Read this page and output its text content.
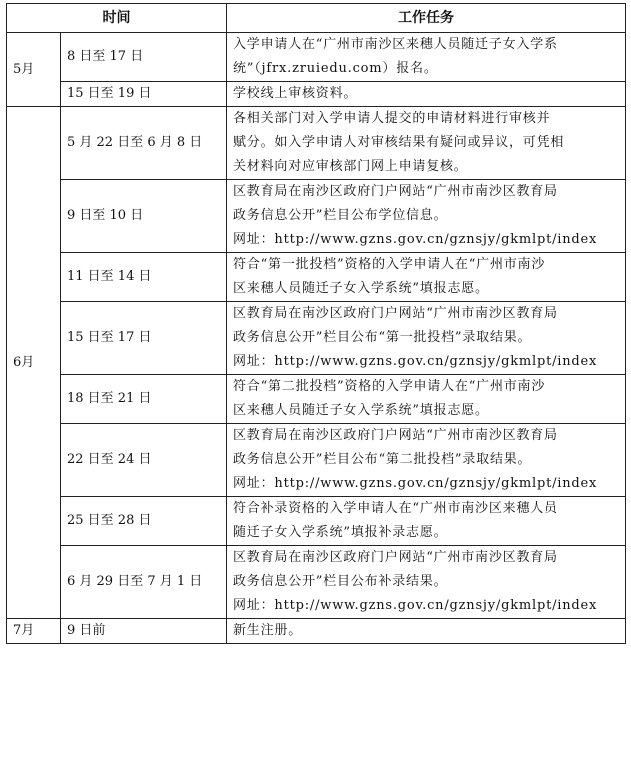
时间		工作任务
5月	8 日至 17 日	入学申请人在“广州市南沙区来穗人员随迁子女入学系
统”（jfrx.zruiedu.com）报名。

	15 日至 19 日	学校线上审核资料。

6月	5 月 22 日至 6 月 8 日	各相关部门对入学申请人提交的申请材料进行审核并
赋分。如入学申请人对审核结果有疑问或异议，可凭相
关材料向对应审核部门网上申请复核。

	9 日至 10 日	区教育局在南沙区政府门户网站“广州市南沙区教育局
政务信息公开”栏目公布学位信息。
网址：http://www.gzns.gov.cn/gznsjy/gkmlpt/index

	11 日至 14 日	符合“第一批投档”资格的入学申请人在“广州市南沙
区来穗人员随迁子女入学系统”填报志愿。

	15 日至 17 日	区教育局在南沙区政府门户网站“广州市南沙区教育局
政务信息公开”栏目公布“第一批投档”录取结果。
网址：http://www.gzns.gov.cn/gznsjy/gkmlpt/index

	18 日至 21 日	符合“第二批投档”资格的入学申请人在“广州市南沙
区来穗人员随迁子女入学系统”填报志愿。

	22 日至 24 日	区教育局在南沙区政府门户网站“广州市南沙区教育局
政务信息公开”栏目公布“第二批投档”录取结果。
网址：http://www.gzns.gov.cn/gznsjy/gkmlpt/index

	25 日至 28 日	符合补录资格的入学申请人在“广州市南沙区来穗人员
随迁子女入学系统”填报补录志愿。

	6 月 29 日至 7 月 1 日	区教育局在南沙区政府门户网站“广州市南沙区教育局
政务信息公开”栏目公布补录结果。
网址：http://www.gzns.gov.cn/gznsjy/gkmlpt/index

7月	9 日前	新生注册。
